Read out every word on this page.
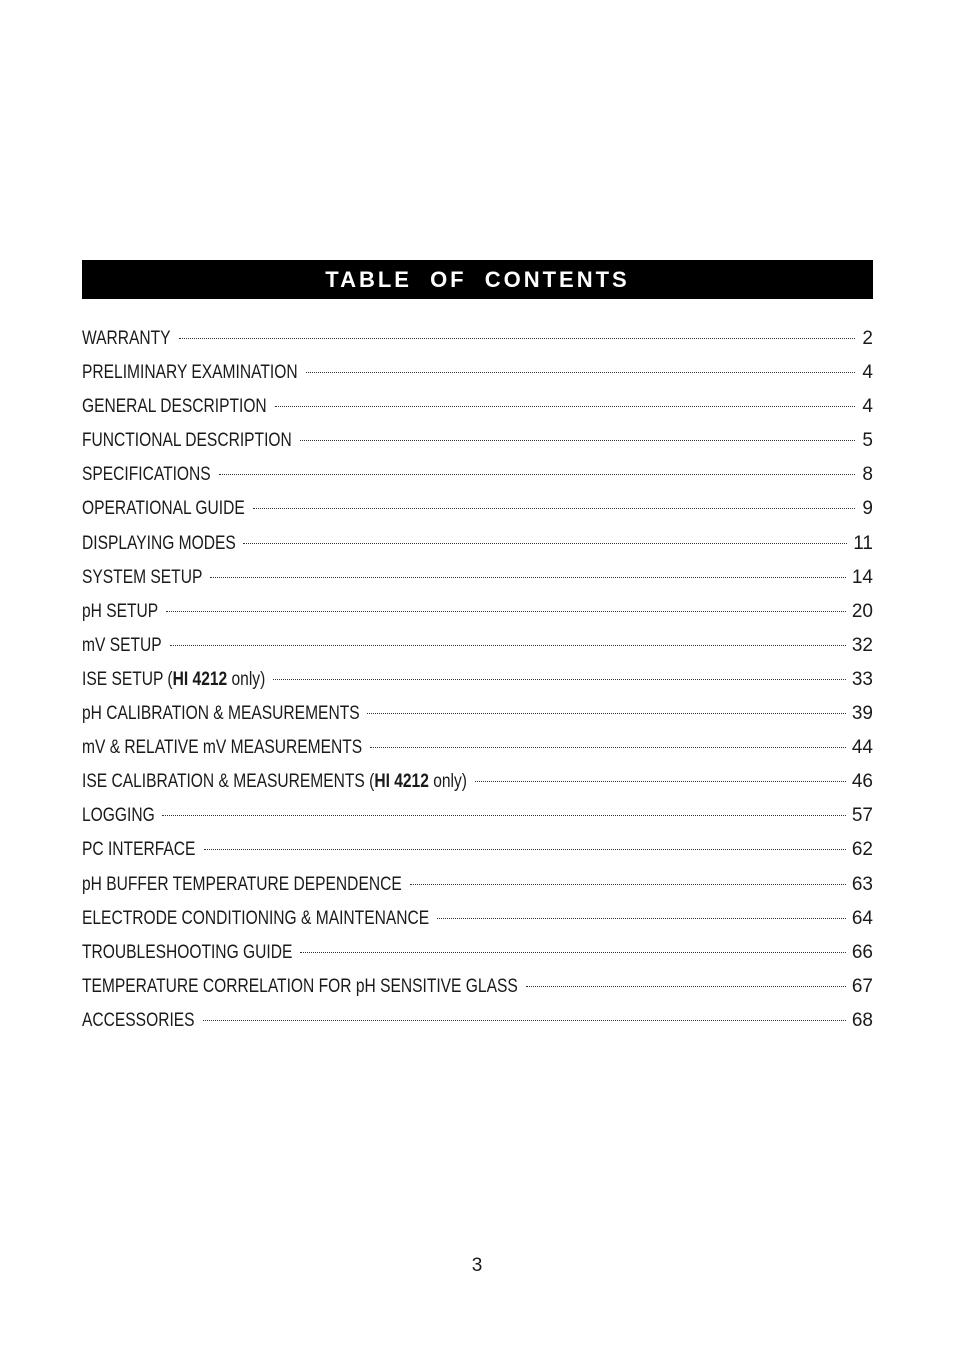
TABLE OF CONTENTS
WARRANTY	2
PRELIMINARY EXAMINATION	4
GENERAL DESCRIPTION	4
FUNCTIONAL DESCRIPTION	5
SPECIFICATIONS	8
OPERATIONAL GUIDE	9
DISPLAYING MODES	11
SYSTEM SETUP	14
pH SETUP	20
mV SETUP	32
ISE SETUP (HI 4212 only)	33
pH CALIBRATION & MEASUREMENTS	39
mV & RELATIVE mV MEASUREMENTS	44
ISE CALIBRATION & MEASUREMENTS (HI 4212 only)	46
LOGGING	57
PC INTERFACE	62
pH BUFFER TEMPERATURE DEPENDENCE	63
ELECTRODE CONDITIONING & MAINTENANCE	64
TROUBLESHOOTING GUIDE	66
TEMPERATURE CORRELATION FOR pH SENSITIVE GLASS	67
ACCESSORIES	68
3
